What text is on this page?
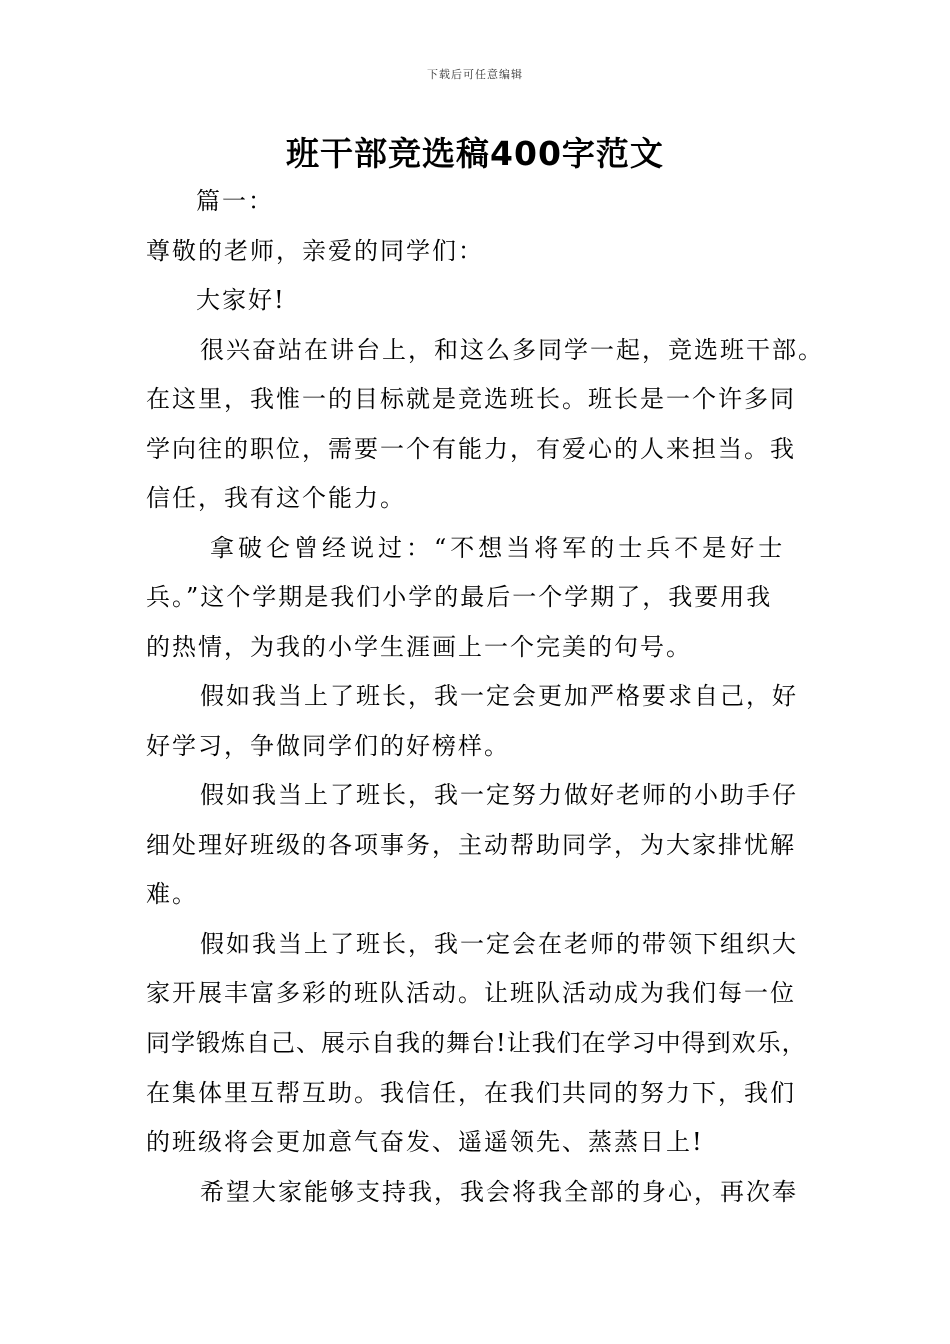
下载后可任意编辑
班干部竞选稿400字范文
篇一：
尊敬的老师，亲爱的同学们：
大家好!
很兴奋站在讲台上，和这么多同学一起，竞选班干部。
在这里，我惟一的目标就是竞选班长。班长是一个许多同
学向往的职位，需要一个有能力，有爱心的人来担当。我
信任，我有这个能力。
拿破仑曾经说过：“不想当将军的士兵不是好士
兵。”这个学期是我们小学的最后一个学期了，我要用我
的热情，为我的小学生涯画上一个完美的句号。
假如我当上了班长，我一定会更加严格要求自己，好
好学习，争做同学们的好榜样。
假如我当上了班长，我一定努力做好老师的小助手仔
细处理好班级的各项事务，主动帮助同学，为大家排忧解
难。
假如我当上了班长，我一定会在老师的带领下组织大
家开展丰富多彩的班队活动。让班队活动成为我们每一位
同学锻炼自己、展示自我的舞台!让我们在学习中得到欢乐，
在集体里互帮互助。我信任，在我们共同的努力下，我们
的班级将会更加意气奋发、遥遥领先、蒸蒸日上!
希望大家能够支持我，我会将我全部的身心，再次奉
